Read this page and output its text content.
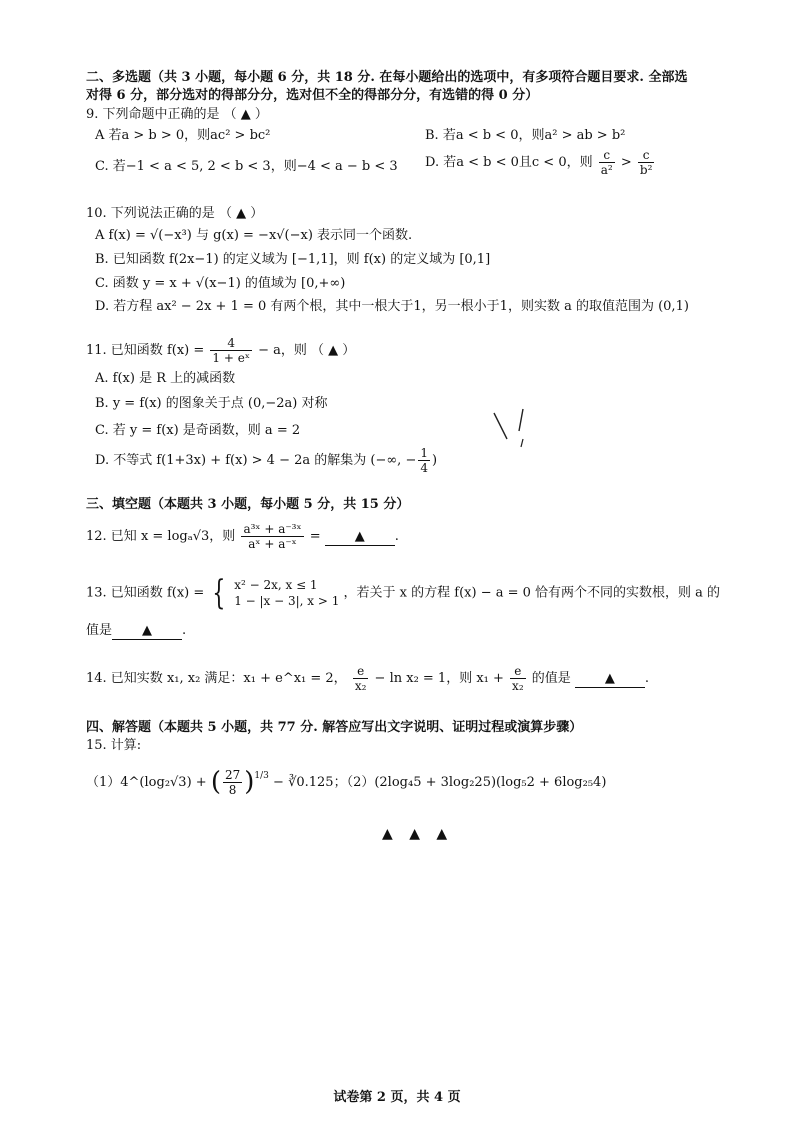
二、多选题（共 3 小题，每小题 6 分，共 18 分. 在每小题给出的选项中，有多项符合题目要求. 全部选
对得 6 分，部分选对的得部分分，选对但不全的得部分分，有选错的得 0 分）
9. 下列命题中正确的是 （ ▲ ）
A 若a > b > 0，则ac² > bc²	B. 若a < b < 0，则a² > ab > b²
C. 若−1 < a < 5, 2 < b < 3，则−4 < a − b < 3 D. 若a < b < 0且c < 0，则 $\frac{c}{\text{a²}} > \frac{c}{\text{b²}}$
10. 下列说法正确的是 （ ▲ ）
A f(x) = √(−x³) 与 g(x) = −x√(−x) 表示同一个函数.
B. 已知函数 f(2x−1) 的定义域为 [−1,1]，则 f(x) 的定义域为 [0,1]
C. 函数 y = x + √(x−1) 的值域为 [0,+∞)
D. 若方程 ax² − 2x + 1 = 0 有两个根，其中一根大于1，另一根小于1，则实数 a 的取值范围为 (0,1)
11. 已知函数 $f(x) = \frac{4}{\text{1 + eˣ}} - a$，则 （ ▲ ）
A. f(x) 是 R 上的减函数
B. y = f(x) 的图象关于点 (0,−2a) 对称
C. 若 y = f(x) 是奇函数，则 a = 2
D. 不等式 f(1+3x) + f(x) > 4 − 2a 的解集为 (−∞, − $\frac{1}{4}$ )
三、填空题（本题共 3 小题，每小题 5 分，共 15 分）
12. 已知 x = logₐ√3，则 $\frac{\text{a³ˣ + a⁻³ˣ}}{\text{aˣ + a⁻ˣ}}$ =	▲ .
13. 已知函数 f(x) = { x² − 2x, x ≤ 1
1 − |x − 3|, x > 1
，若关于 x 的方程 f(x) − a = 0 恰有两个不同的实数根，则 a 的
值是 ▲ .
14. 已知实数 x₁, x₂ 满足：x₁ + e^x₁ = 2， $\frac{e}{\text{x₂}} - \ln x_2 = 1$，则 $x_1 + \frac{e}{\text{x₂}}$ 的值是	▲ .
四、解答题（本题共 5 小题，共 77 分. 解答应写出文字说明、证明过程或演算步骤）
15. 计算:
（1）4^(log₂√3) + ( $\frac{27}{8} )^{1/3}$ − ∛0.125；（2）(2log₄5 + 3log₂25)(log₅2 + 6log₂₅4)
▲ ▲ ▲
试卷第 2 页，共 4 页
